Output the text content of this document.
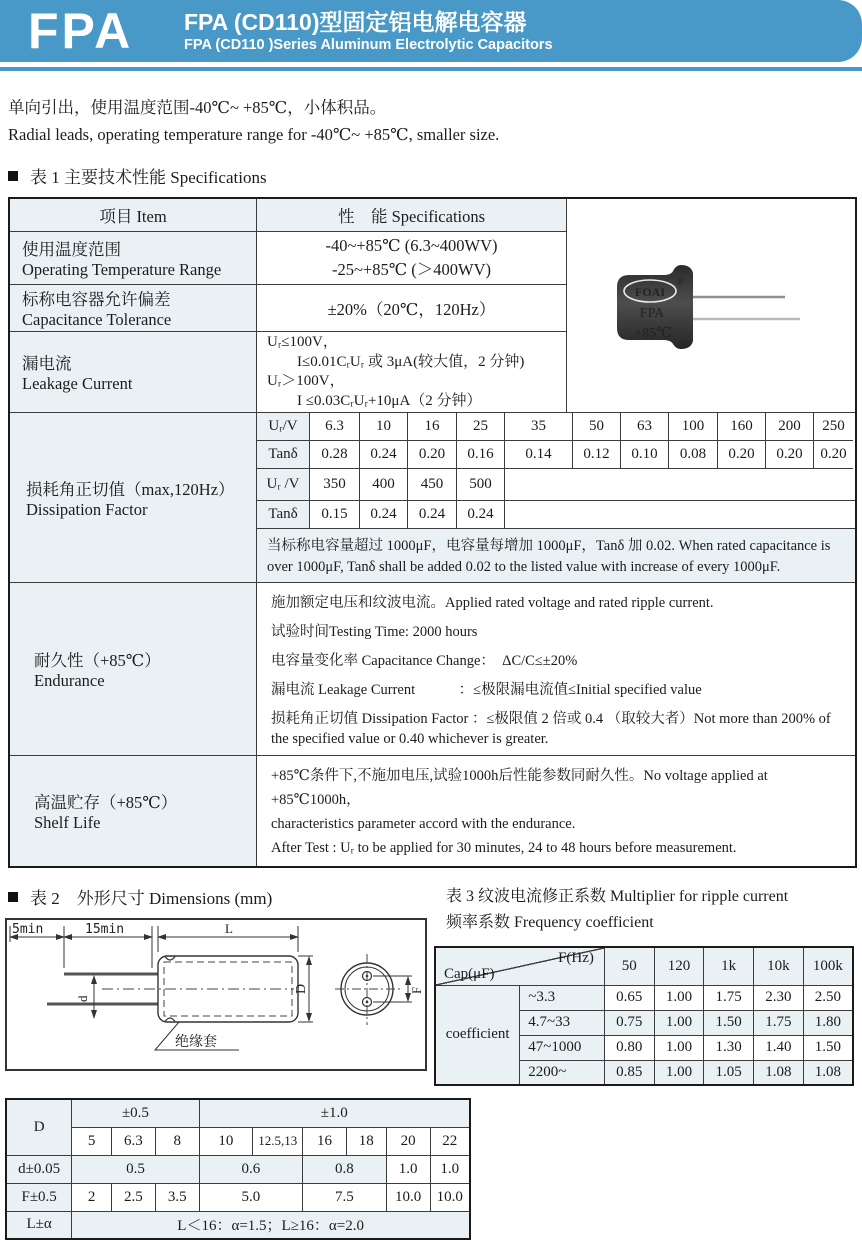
FPA FPA (CD110)型固定铝电解电容器
FPA (CD110 )Series Aluminum Electrolytic Capacitors
单向引出，使用温度范围-40℃~ +85℃，小体积品。
Radial leads, operating temperature range for -40℃~ +85℃, smaller size.
表 1 主要技术性能 Specifications
项目 Item	性　能 Specifications
FOAI
®
FPA
+85℃
使用温度范围
Operating Temperature Range
-40~+85℃ (6.3~400WV)
-25~+85℃ (＞400WV)
标称电容器允许偏差
Capacitance Tolerance
±20%（20℃，120Hz）
漏电流
Leakage Current
Uᵣ≤100V，
I≤0.01CᵣUᵣ 或 3μA(较大值，2 分钟)
Uᵣ＞100V，
I ≤0.03CᵣUᵣ+10μA（2 分钟）
损耗角正切值（max,120Hz）
Dissipation Factor
Uᵣ/V	6.3	10	16	25	35	50	63	100	160	200	250
Tanδ	0.28	0.24	0.20	0.16	0.14	0.12	0.10	0.08	0.20	0.20	0.20
Uᵣ /V	350	400	450	500
Tanδ	0.15	0.24	0.24	0.24
当标称电容量超过 1000μF，电容量每增加 1000μF，Tanδ 加 0.02. When rated capacitance is over 1000μF, Tanδ shall be added 0.02 to the listed value with increase of every 1000μF.
耐久性（+85℃）
Endurance
施加额定电压和纹波电流。Applied rated voltage and rated ripple current.
试验时间Testing Time: 2000 hours
电容量变化率 Capacitance Change：　ΔC/C≤±20%
漏电流 Leakage Current　　　：≤极限漏电流值≤Initial specified value
损耗角正切值 Dissipation Factor ：≤极限值 2 倍或 0.4 （取较大者）Not more than 200% of the specified value or 0.40 whichever is greater.
高温贮存（+85℃）
Shelf Life
+85℃条件下,不施加电压,试验1000h后性能参数同耐久性。No voltage applied at +85℃1000h，
characteristics parameter accord with the endurance.
After Test : Uᵣ to be applied for 30 minutes, 24 to 48 hours before measurement.
表 2　外形尺寸 Dimensions (mm)
5min	15min	L
D
d
绝缘套
F
表 3 纹波电流修正系数 Multiplier for ripple current
频率系数 Frequency coefficient
F(Hz)
Cap(μF)		50	120	1k	10k	100k
coefficient	~3.3	0.65	1.00	1.75	2.30	2.50
	4.7~33	0.75	1.00	1.50	1.75	1.80
	47~1000	0.80	1.00	1.30	1.40	1.50
	2200~	0.85	1.00	1.05	1.08	1.08
D	±0.5			±1.0					
	5	6.3	8	10	12.5,13	16	18	20	22
d±0.05	0.5			0.6		0.8		1.0	1.0
F±0.5	2	2.5	3.5	5.0		7.5		10.0	10.0
L±α	L＜16：α=1.5；L≥16：α=2.0								
